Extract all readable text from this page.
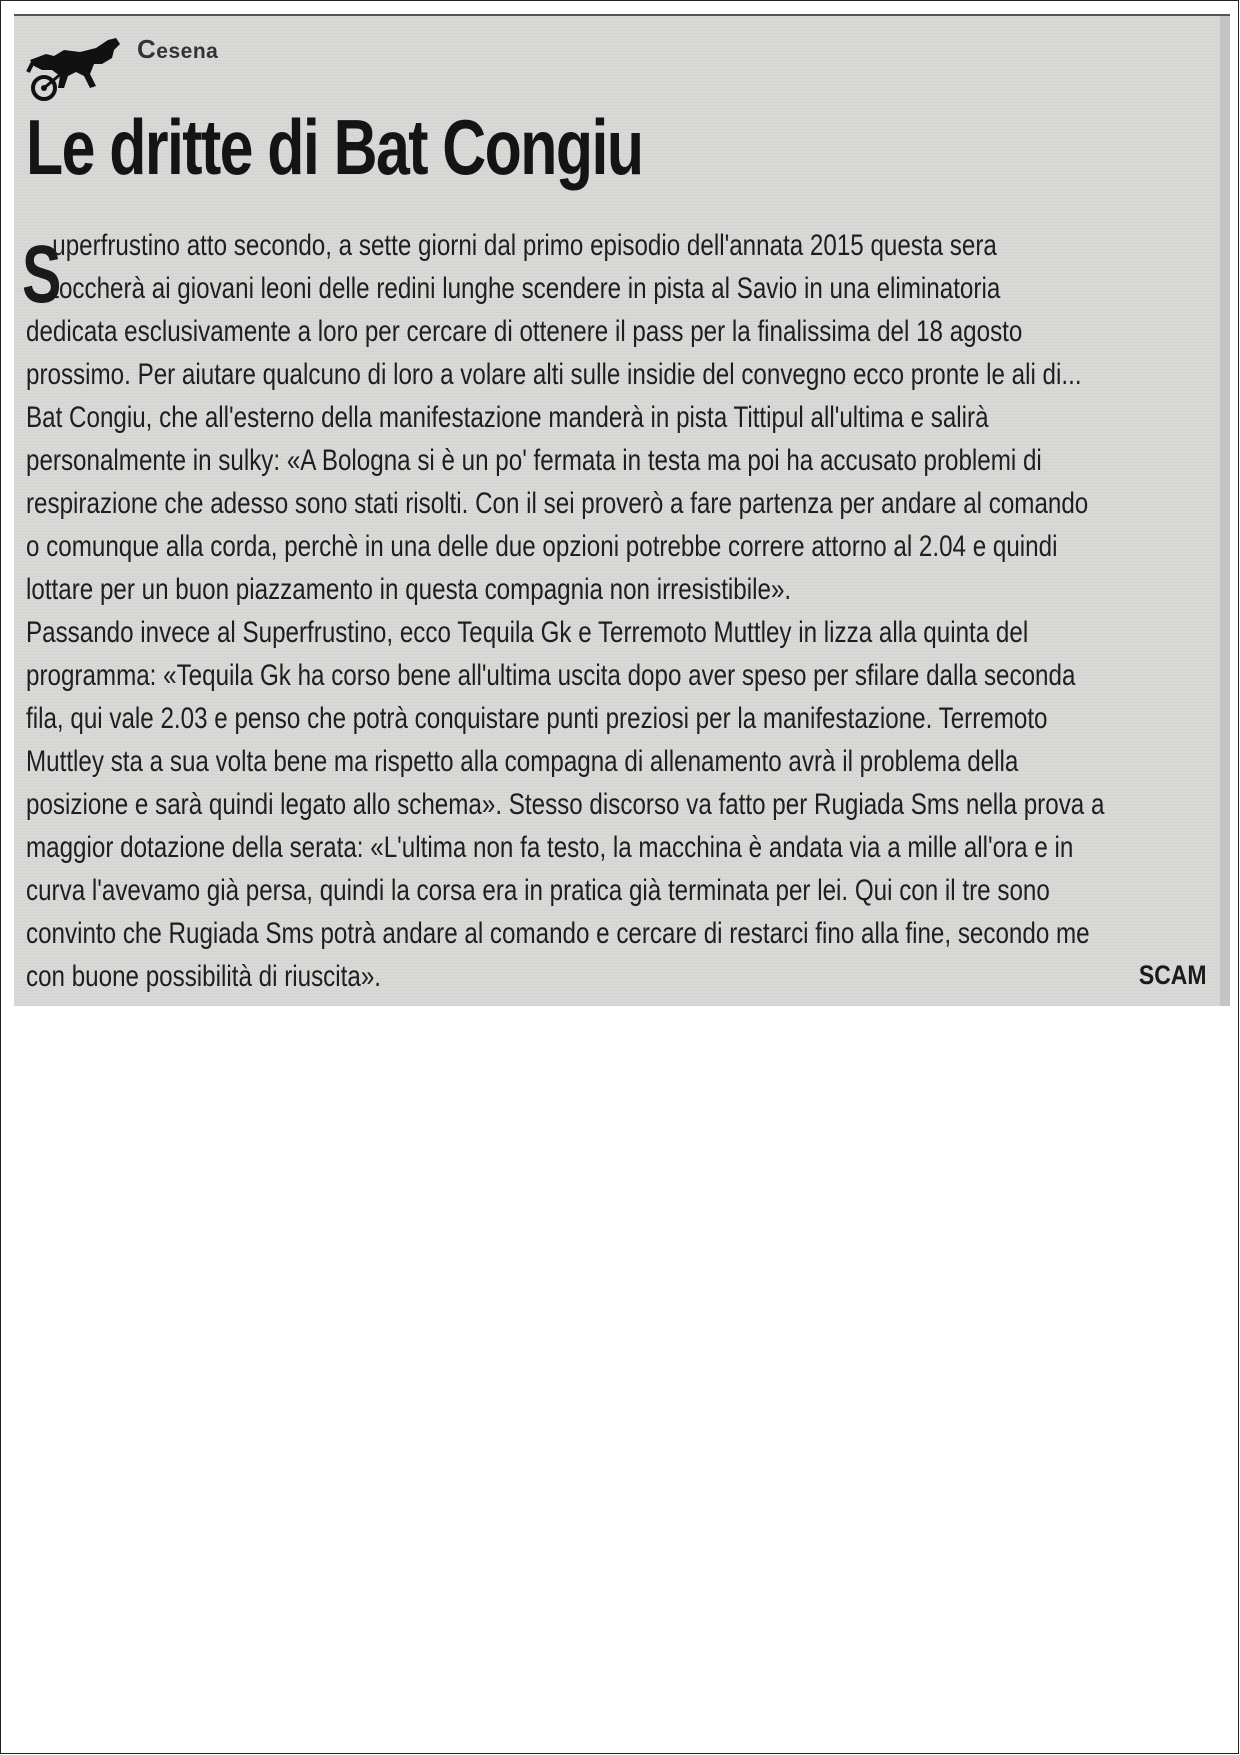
Cesena
Le dritte di Bat Congiu
S
uperfrustino atto secondo, a sette giorni dal primo episodio dell'annata 2015 questa sera
toccherà ai giovani leoni delle redini lunghe scendere in pista al Savio in una eliminatoria
dedicata esclusivamente a loro per cercare di ottenere il pass per la finalissima del 18 agosto
prossimo. Per aiutare qualcuno di loro a volare alti sulle insidie del convegno ecco pronte le ali di...
Bat Congiu, che all'esterno della manifestazione manderà in pista Tittipul all'ultima e salirà
personalmente in sulky: «A Bologna si è un po' fermata in testa ma poi ha accusato problemi di
respirazione che adesso sono stati risolti. Con il sei proverò a fare partenza per andare al comando
o comunque alla corda, perchè in una delle due opzioni potrebbe correre attorno al 2.04 e quindi
lottare per un buon piazzamento in questa compagnia non irresistibile».
Passando invece al Superfrustino, ecco Tequila Gk e Terremoto Muttley in lizza alla quinta del
programma: «Tequila Gk ha corso bene all'ultima uscita dopo aver speso per sfilare dalla seconda
fila, qui vale 2.03 e penso che potrà conquistare punti preziosi per la manifestazione. Terremoto
Muttley sta a sua volta bene ma rispetto alla compagna di allenamento avrà il problema della
posizione e sarà quindi legato allo schema». Stesso discorso va fatto per Rugiada Sms nella prova a
maggior dotazione della serata: «L'ultima non fa testo, la macchina è andata via a mille all'ora e in
curva l'avevamo già persa, quindi la corsa era in pratica già terminata per lei. Qui con il tre sono
convinto che Rugiada Sms potrà andare al comando e cercare di restarci fino alla fine, secondo me
con buone possibilità di riuscita».	SCAM
